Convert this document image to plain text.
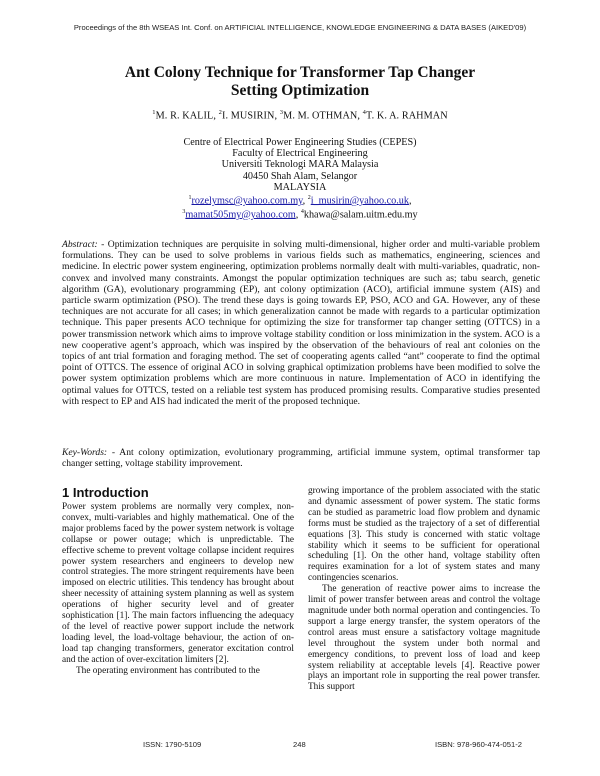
Proceedings of the 8th WSEAS Int. Conf. on ARTIFICIAL INTELLIGENCE, KNOWLEDGE ENGINEERING & DATA BASES (AIKED'09)
Ant Colony Technique for Transformer Tap Changer
Setting Optimization
$^1$M. R. KALIL, $^2$I. MUSIRIN, $^3$M. M. OTHMAN, $^4$T. K. A. RAHMAN
Centre of Electrical Power Engineering Studies (CEPES)
Faculty of Electrical Engineering
Universiti Teknologi MARA Malaysia
40450 Shah Alam, Selangor
MALAYSIA
$^1$rozelymsc@yahoo.com.my, $^2$i_musirin@yahoo.co.uk,
$^3$mamat505my@yahoo.com, $^4$khawa@salam.uitm.edu.my
Abstract: - Optimization techniques are perquisite in solving multi-dimensional, higher order and multi-variable problem formulations. They can be used to solve problems in various fields such as mathematics, engineering, sciences and medicine. In electric power system engineering, optimization problems normally dealt with multi-variables, quadratic, non-convex and involved many constraints. Amongst the popular optimization techniques are such as; tabu search, genetic algorithm (GA), evolutionary programming (EP), ant colony optimization (ACO), artificial immune system (AIS) and particle swarm optimization (PSO). The trend these days is going towards EP, PSO, ACO and GA. However, any of these techniques are not accurate for all cases; in which generalization cannot be made with regards to a particular optimization technique. This paper presents ACO technique for optimizing the size for transformer tap changer setting (OTTCS) in a power transmission network which aims to improve voltage stability condition or loss minimization in the system. ACO is a new cooperative agent’s approach, which was inspired by the observation of the behaviours of real ant colonies on the topics of ant trial formation and foraging method. The set of cooperating agents called “ant” cooperate to find the optimal point of OTTCS. The essence of original ACO in solving graphical optimization problems have been modified to solve the power system optimization problems which are more continuous in nature. Implementation of ACO in identifying the optimal values for OTTCS, tested on a reliable test system has produced promising results. Comparative studies presented with respect to EP and AIS had indicated the merit of the proposed technique.
Key-Words: - Ant colony optimization, evolutionary programming, artificial immune system, optimal transformer tap changer setting, voltage stability improvement.
1 Introduction

Power system problems are normally very complex, non-convex, multi-variables and highly mathematical. One of the major problems faced by the power system network is voltage collapse or power outage; which is unpredictable. The effective scheme to prevent voltage collapse incident requires power system researchers and engineers to develop new control strategies. The more stringent requirements have been imposed on electric utilities. This tendency has brought about sheer necessity of attaining system planning as well as system operations of higher security level and of greater sophistication [1]. The main factors influencing the adequacy of the level of reactive power support include the network loading level, the load-voltage behaviour, the action of on-load tap changing transformers, generator excitation control and the action of over-excitation limiters [2].

The operating environment has contributed to the

growing importance of the problem associated with the static and dynamic assessment of power system. The static forms can be studied as parametric load flow problem and dynamic forms must be studied as the trajectory of a set of differential equations [3]. This study is concerned with static voltage stability which it seems to be sufficient for operational scheduling [1]. On the other hand, voltage stability often requires examination for a lot of system states and many contingencies scenarios.

The generation of reactive power aims to increase the limit of power transfer between areas and control the voltage magnitude under both normal operation and contingencies. To support a large energy transfer, the system operators of the control areas must ensure a satisfactory voltage magnitude level throughout the system under both normal and emergency conditions, to prevent loss of load and keep system reliability at acceptable levels [4]. Reactive power plays an important role in supporting the real power transfer. This support

ISSN: 1790-5109	248	ISBN: 978-960-474-051-2
